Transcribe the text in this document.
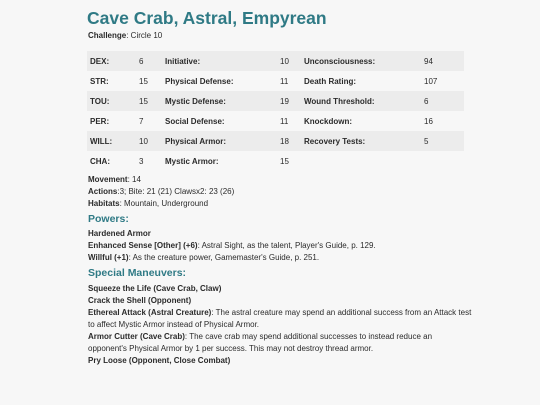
Cave Crab, Astral, Empyrean
Challenge: Circle 10
DEX:	6	Initiative:	10	Unconsciousness:	94
STR:	15	Physical Defense:	11	Death Rating:	107
TOU:	15	Mystic Defense:	19	Wound Threshold:	6
PER:	7	Social Defense:	11	Knockdown:	16
WILL:	10	Physical Armor:	18	Recovery Tests:	5
CHA:	3	Mystic Armor:	15		
Movement: 14
Actions:3; Bite: 21 (21) Clawsx2: 23 (26)
Habitats: Mountain, Underground
Powers:
Hardened Armor
Enhanced Sense [Other] (+6): Astral Sight, as the talent, Player's Guide, p. 129.
Willful (+1): As the creature power, Gamemaster's Guide, p. 251.
Special Maneuvers:
Squeeze the Life (Cave Crab, Claw)
Crack the Shell (Opponent)
Ethereal Attack (Astral Creature): The astral creature may spend an additional success from an Attack test
to affect Mystic Armor instead of Physical Armor.
Armor Cutter (Cave Crab): The cave crab may spend additional successes to instead reduce an
opponent's Physical Armor by 1 per success. This may not destroy thread armor.
Pry Loose (Opponent, Close Combat)
